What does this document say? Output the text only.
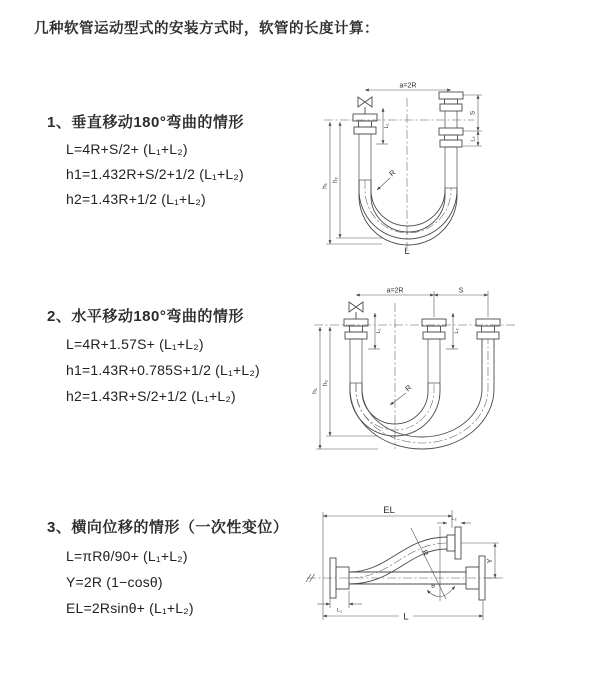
几种软管运动型式的安装方式时，软管的长度计算：
1、垂直移动180°弯曲的情形
L=4R+S/2+ (L₁+L₂)
h1=1.432R+S/2+1/2 (L₁+L₂)
h2=1.43R+1/2 (L₁+L₂)
2、水平移动180°弯曲的情形
L=4R+1.57S+ (L₁+L₂)
h1=1.43R+0.785S+1/2 (L₁+L₂)
h2=1.43R+S/2+1/2 (L₁+L₂)
3、横向位移的情形（一次性变位）
L=πRθ/90+ (L₁+L₂)
Y=2R (1−cosθ)
EL=2Rsinθ+ (L₁+L₂)
a=2R
h₁
h₂
S
L₂
L₁
R
L
a=2R	S
h₁
h₂
L₁	L₂
R
EL
L₂
Y
L
L₁
θ
R
